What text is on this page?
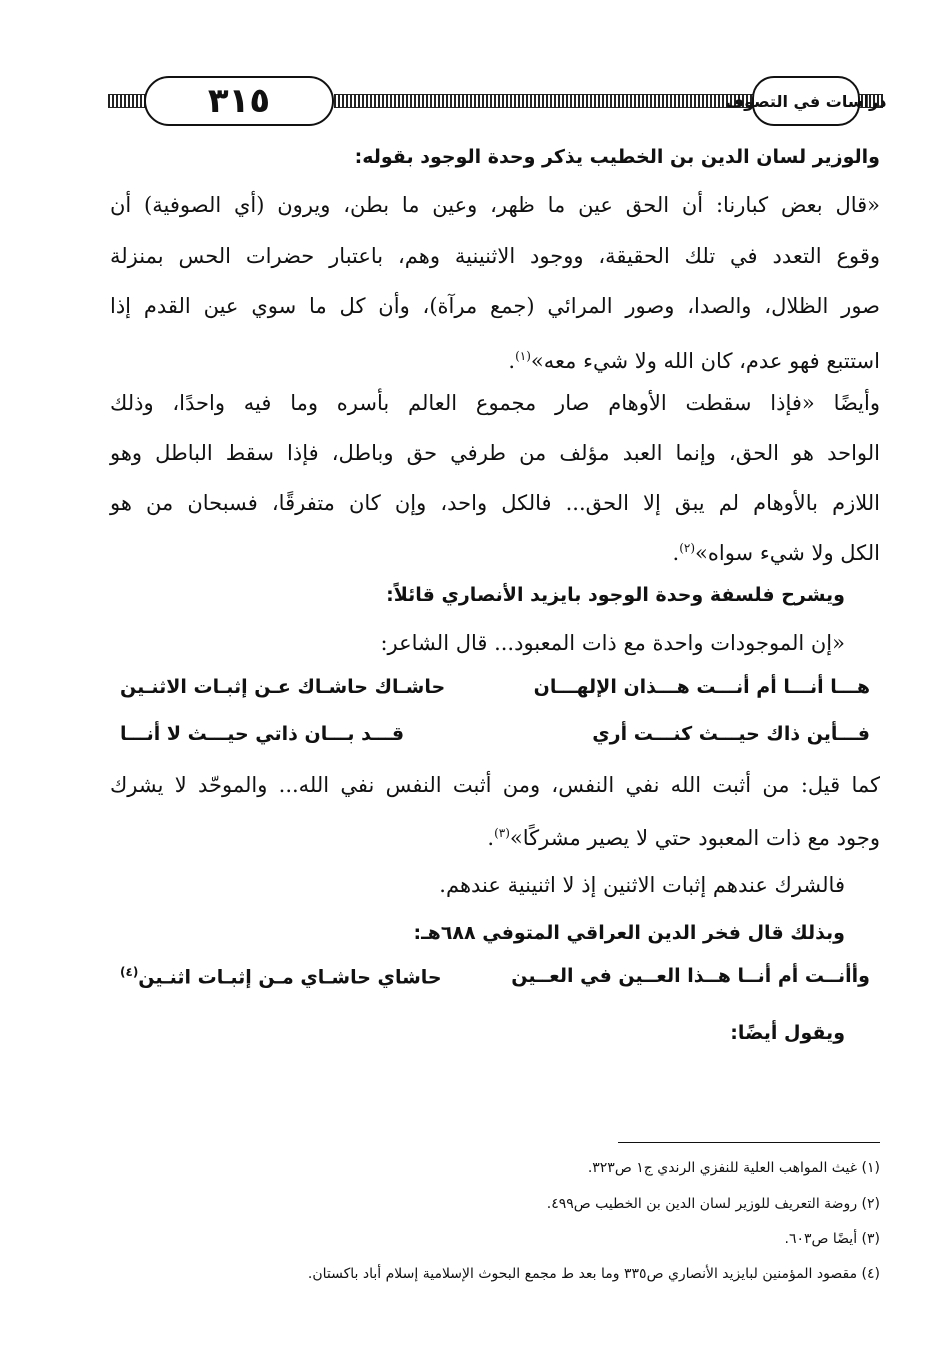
٣١٥	دراسات في التصوف
والوزير لسان الدين بن الخطيب يذكر وحدة الوجود بقوله:
«قال بعض كبارنا: أن الحق عين ما ظهر، وعين ما بطن، ويرون (أي الصوفية) أن
وقوع التعدد في تلك الحقيقة، ووجود الاثنينية وهم، باعتبار حضرات الحس بمنزلة
صور الظلال، والصدا، وصور المرائي (جمع مرآة)، وأن كل ما سوي عين القدم إذا
استتبع فهو عدم، كان الله ولا شيء معه»$^{(١)}$.
وأيضًا «فإذا سقطت الأوهام صار مجموع العالم بأسره وما فيه واحدًا، وذلك
الواحد هو الحق، وإنما العبد مؤلف من طرفي حق وباطل، فإذا سقط الباطل وهو
اللازم بالأوهام لم يبق إلا الحق... فالكل واحد، وإن كان متفرقًا، فسبحان من هو
الكل ولا شيء سواه»$^{(٢)}$.
ويشرح فلسفة وحدة الوجود بايزيد الأنصاري قائلاً:
«إن الموجودات واحدة مع ذات المعبود... قال الشاعر:
هـــا أنـــا أم أنـــت هـــذان الإلهـــان
حاشـاك حاشـاك عـن إثبـات الاثنـين
فـــأين ذاك حيـــث كنـــت أري
قـــد بـــان ذاتي حيـــث لا أنـــا
كما قيل: من أثبت الله نفي النفس، ومن أثبت النفس نفي الله... والموحّد لا يشرك
وجود مع ذات المعبود حتي لا يصير مشركًا»$^{(٣)}$.
فالشرك عندهم إثبات الاثنين إذ لا اثنينية عندهم.
وبذلك قال فخر الدين العراقي المتوفي ٦٨٨هـ:
وأأنــت أم أنــا هــذا العــين في العــين
حاشاي حاشـاي مـن إثبـات اثنـين$^{(٤)}$
ويقول أيضًا:
(١) غيث المواهب العلية للنفزي الرندي ج١ ص٣٢٣.
(٢) روضة التعريف للوزير لسان الدين بن الخطيب ص٤٩٩.
(٣) أيضًا ص٦٠٣.
(٤) مقصود المؤمنين لبايزيد الأنصاري ص٣٣٥ وما بعد ط مجمع البحوث الإسلامية إسلام أباد باكستان.
